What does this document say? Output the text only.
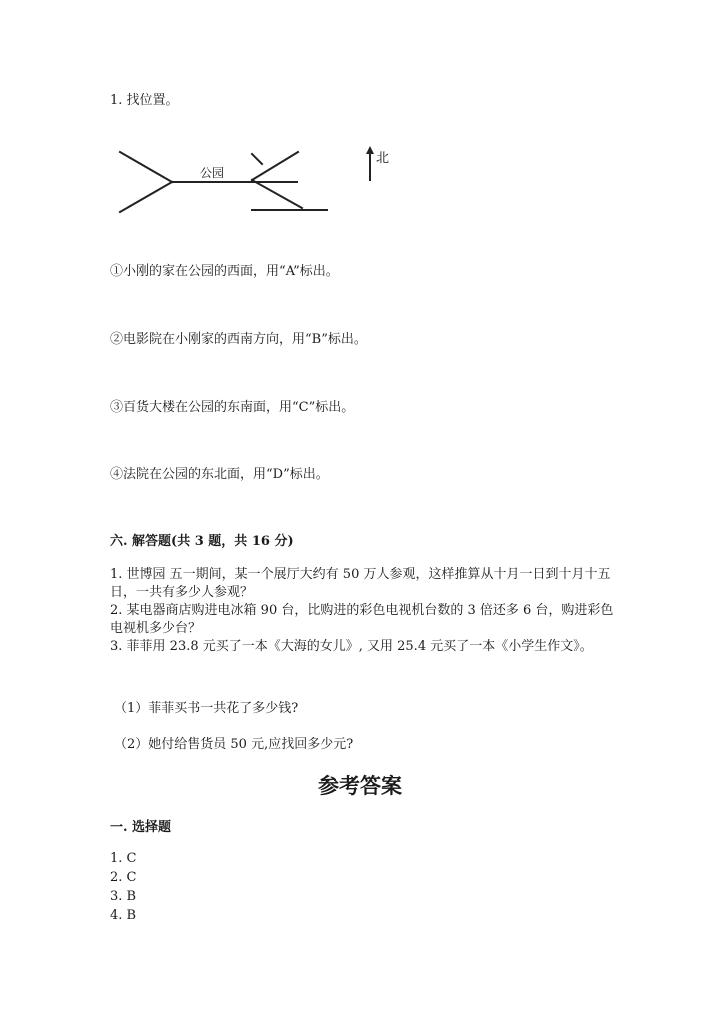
1. 找位置。
公园
北
①小刚的家在公园的西面，用“A”标出。
②电影院在小刚家的西南方向，用“B”标出。
③百货大楼在公园的东南面，用“C”标出。
④法院在公园的东北面，用“D”标出。
六. 解答题(共 3 题，共 16 分)

1. 世博园 五一期间，某一个展厅大约有 50 万人参观，这样推算从十月一日到十月十五日，一共有多少人参观？

2. 某电器商店购进电冰箱 90 台，比购进的彩色电视机台数的 3 倍还多 6 台，购进彩色电视机多少台？

3. 菲菲用 23.8 元买了一本《大海的女儿》, 又用 25.4 元买了一本《小学生作文》。

（1）菲菲买书一共花了多少钱?
（2）她付给售货员 50 元,应找回多少元?
参考答案
一. 选择题
1. C
2. C
3. B
4. B
